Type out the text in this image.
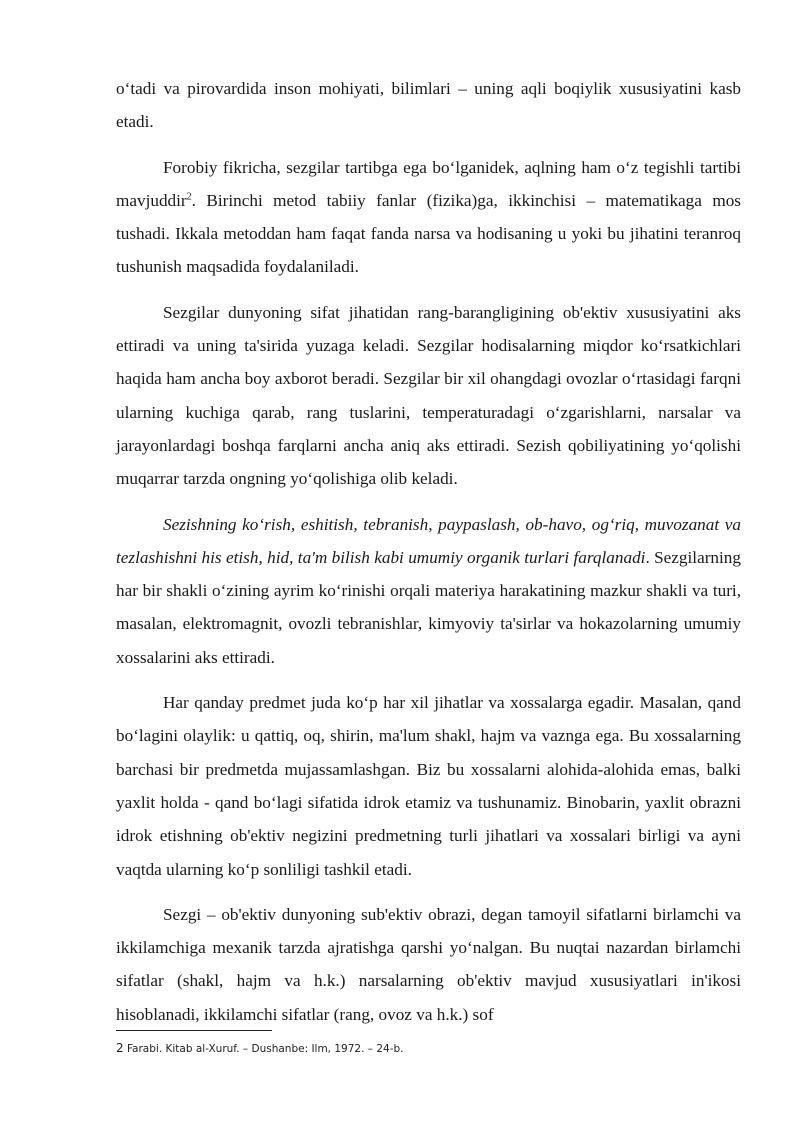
o‘tadi va pirovardida inson mohiyati, bilimlari – uning aqli boqiylik xususiyatini kasb etadi.

Forobiy fikricha, sezgilar tartibga ega bo‘lganidek, aqlning ham o‘z tegishli tartibi mavjuddir$^2$. Birinchi metod tabiiy fanlar (fizika)ga, ikkinchisi – matematikaga mos tushadi. Ikkala metoddan ham faqat fanda narsa va hodisaning u yoki bu jihatini teranroq tushunish maqsadida foydalaniladi.

Sezgilar dunyoning sifat jihatidan rang-barangligining ob'ektiv xususiyatini aks ettiradi va uning ta'sirida yuzaga keladi. Sezgilar hodisalarning miqdor ko‘rsatkichlari haqida ham ancha boy axborot beradi. Sezgilar bir xil ohangdagi ovozlar o‘rtasidagi farqni ularning kuchiga qarab, rang tuslarini, temperaturadagi o‘zgarishlarni, narsalar va jarayonlardagi boshqa farqlarni ancha aniq aks ettiradi. Sezish qobiliyatining yo‘qolishi muqarrar tarzda ongning yo‘qolishiga olib keladi.

Sezishning ko‘rish, eshitish, tebranish, paypaslash, ob-havo, og‘riq, muvozanat va tezlashishni his etish, hid, ta'm bilish kabi umumiy organik turlari farqlanadi. Sezgilarning har bir shakli o‘zining ayrim ko‘rinishi orqali materiya harakatining mazkur shakli va turi, masalan, elektromagnit, ovozli tebranishlar, kimyoviy ta'sirlar va hokazolarning umumiy xossalarini aks ettiradi.

Har qanday predmet juda ko‘p har xil jihatlar va xossalarga egadir. Masalan, qand bo‘lagini olaylik: u qattiq, oq, shirin, ma'lum shakl, hajm va vaznga ega. Bu xossalarning barchasi bir predmetda mujassamlashgan. Biz bu xossalarni alohida-alohida emas, balki yaxlit holda - qand bo‘lagi sifatida idrok etamiz va tushunamiz. Binobarin, yaxlit obrazni idrok etishning ob'ektiv negizini predmetning turli jihatlari va xossalari birligi va ayni vaqtda ularning ko‘p sonliligi tashkil etadi.

Sezgi – ob'ektiv dunyoning sub'ektiv obrazi, degan tamoyil sifatlarni birlamchi va ikkilamchiga mexanik tarzda ajratishga qarshi yo‘nalgan. Bu nuqtai nazardan birlamchi sifatlar (shakl, hajm va h.k.) narsalarning ob'ektiv mavjud xususiyatlari in'ikosi hisoblanadi, ikkilamchi sifatlar (rang, ovoz va h.k.) sof

2 Farabi. Kitab al-Xuruf. – Dushanbe: Ilm, 1972. – 24-b.
